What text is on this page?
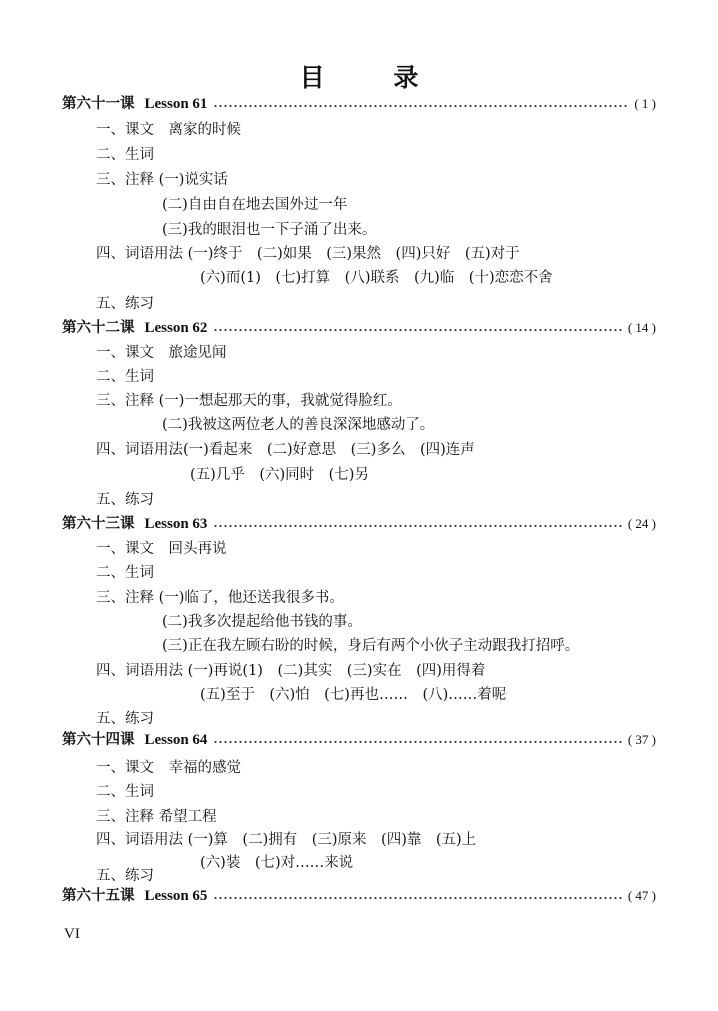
目 录
第六十一课 Lesson 61	( 1 )
一、课文　离家的时候
二、生词
三、注释 (一)说实话
(二)自由自在地去国外过一年
(三)我的眼泪也一下子涌了出来。
四、词语用法 (一)终于　(二)如果　(三)果然　(四)只好　(五)对于
(六)而(1)　(七)打算　(八)联系　(九)临　(十)恋恋不舍
五、练习
第六十二课 Lesson 62	( 14 )
一、课文　旅途见闻
二、生词
三、注释 (一)一想起那天的事，我就觉得脸红。
(二)我被这两位老人的善良深深地感动了。
四、词语用法(一)看起来　(二)好意思　(三)多么　(四)连声
(五)几乎　(六)同时　(七)另
五、练习
第六十三课 Lesson 63	( 24 )
一、课文　回头再说
二、生词
三、注释 (一)临了，他还送我很多书。
(二)我多次提起给他书钱的事。
(三)正在我左顾右盼的时候，身后有两个小伙子主动跟我打招呼。
四、词语用法 (一)再说(1)　(二)其实　(三)实在　(四)用得着
(五)至于　(六)怕　(七)再也……　(八)……着呢
五、练习
第六十四课 Lesson 64	( 37 )
一、课文　幸福的感觉
二、生词
三、注释 希望工程
四、词语用法 (一)算　(二)拥有　(三)原来　(四)靠　(五)上
(六)装　(七)对……来说
五、练习
第六十五课 Lesson 65	( 47 )
VI
